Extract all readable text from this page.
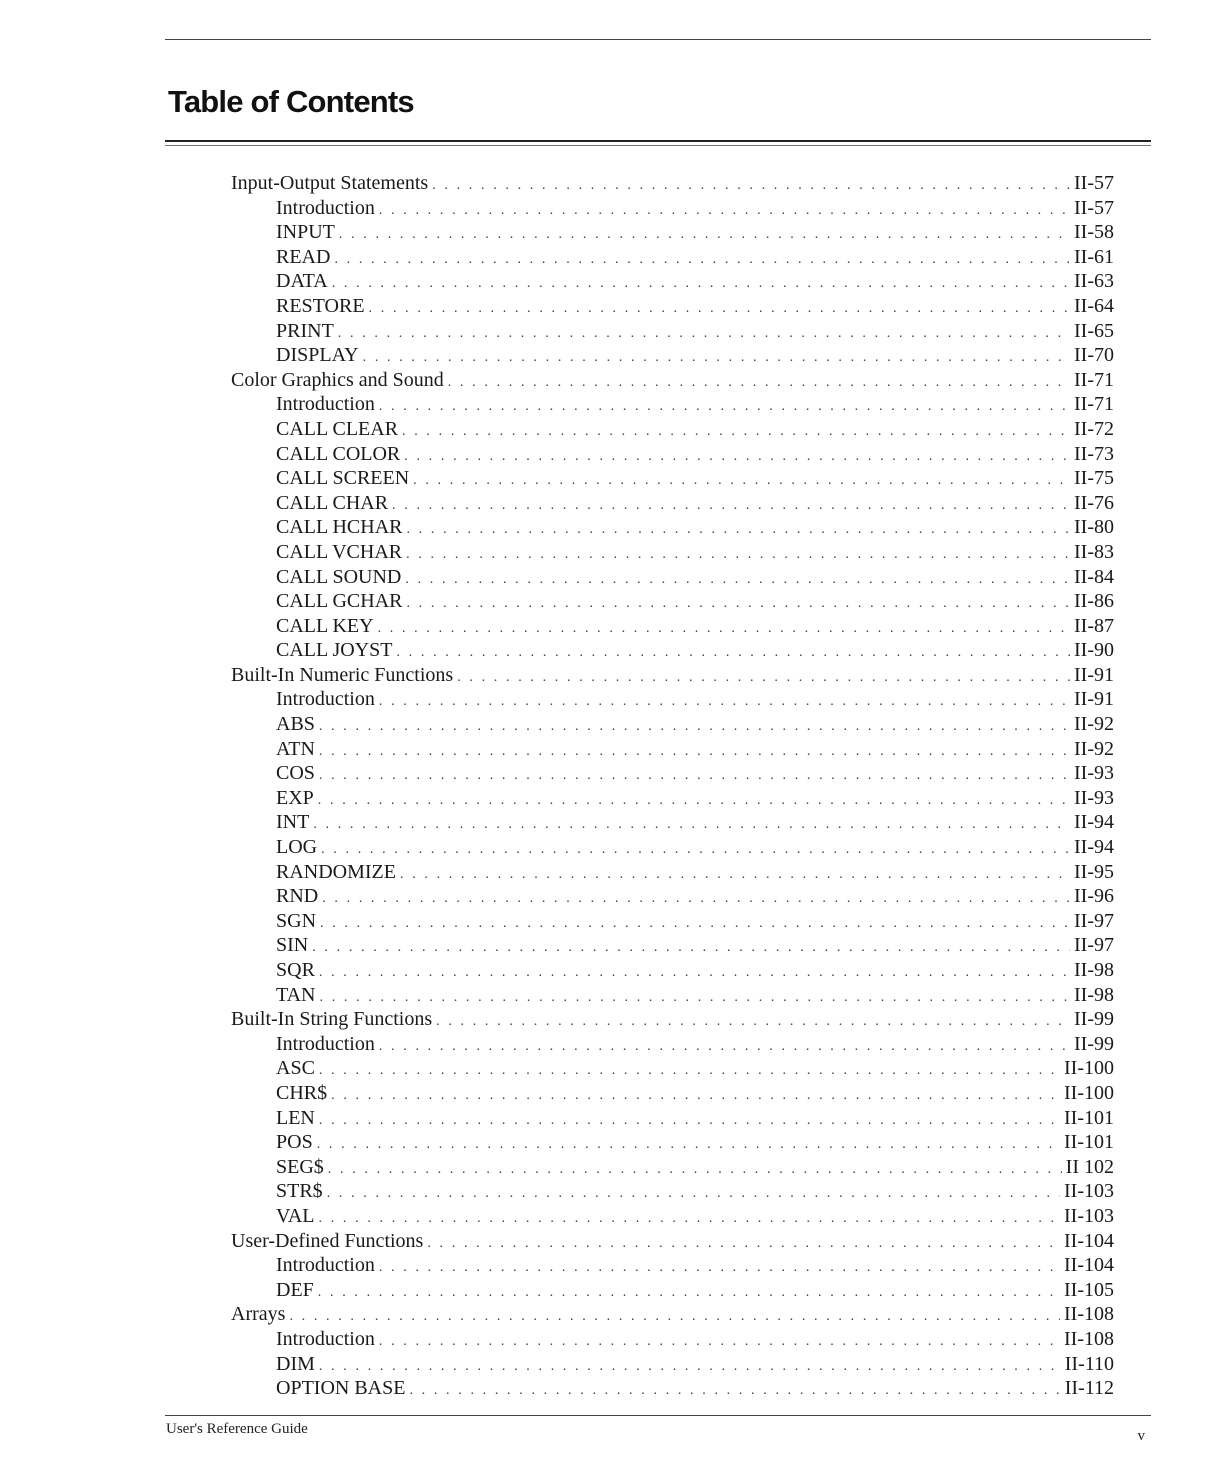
Table of Contents
Input-Output Statements . . .	II-57
Introduction . . .	II-57
INPUT . . .	II-58
READ . . .	II-61
DATA . . .	II-63
RESTORE . . .	II-64
PRINT . . .	II-65
DISPLAY . . .	II-70
Color Graphics and Sound . . .	II-71
Introduction . . .	II-71
CALL CLEAR . . .	II-72
CALL COLOR . . .	II-73
CALL SCREEN . . .	II-75
CALL CHAR . . .	II-76
CALL HCHAR . . .	II-80
CALL VCHAR . . .	II-83
CALL SOUND . . .	II-84
CALL GCHAR . . .	II-86
CALL KEY . . .	II-87
CALL JOYST . . .	II-90
Built-In Numeric Functions . . .	II-91
Introduction . . .	II-91
ABS . . .	II-92
ATN . . .	II-92
COS . . .	II-93
EXP . . .	II-93
INT . . .	II-94
LOG . . .	II-94
RANDOMIZE . . .	II-95
RND . . .	II-96
SGN . . .	II-97
SIN . . .	II-97
SQR . . .	II-98
TAN . . .	II-98
Built-In String Functions . . .	II-99
Introduction . . .	II-99
ASC . . .	II-100
CHR$ . . .	II-100
LEN . . .	II-101
POS . . .	II-101
SEG$ . . .	II 102
STR$ . . .	II-103
VAL . . .	II-103
User-Defined Functions . . .	II-104
Introduction . . .	II-104
DEF . . .	II-105
Arrays . . .	II-108
Introduction . . .	II-108
DIM . . .	II-110
OPTION BASE . . .	II-112
User's Reference Guide	v
